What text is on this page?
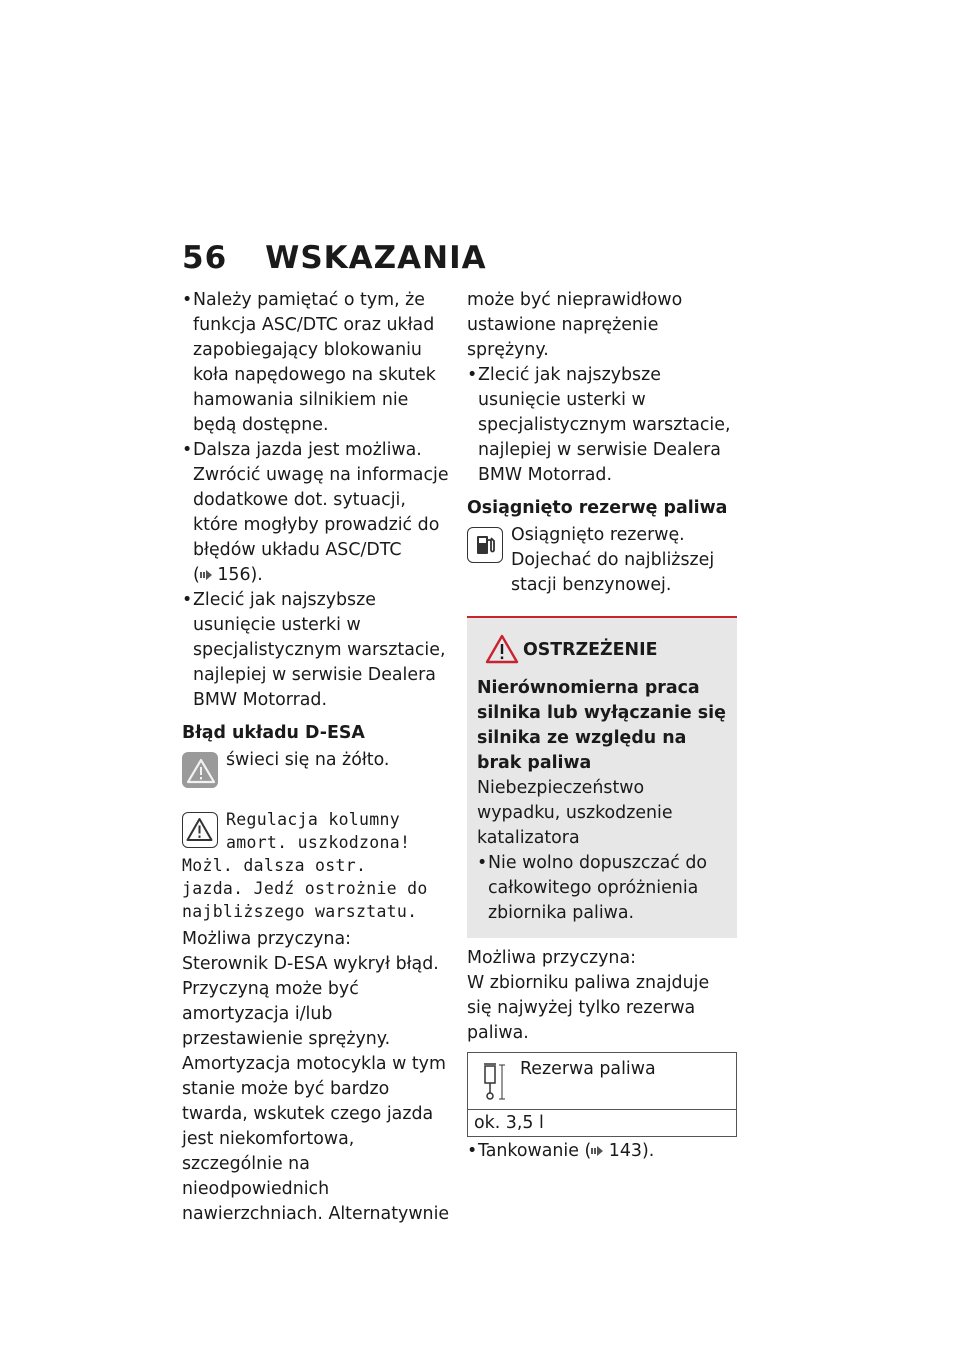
56 WSKAZANIA
• Należy pamiętać o tym, że funkcja ASC/DTC oraz układ zapobiegający blokowaniu koła napędowego na skutek hamowania silnikiem nie będą dostępne.
• Dalsza jazda jest możliwa. Zwrócić uwagę na informacje dodatkowe dot. sytuacji, które mogłyby prowadzić do błędów układu ASC/DTC ( 156).
• Zlecić jak najszybsze usunięcie usterki w specjalistycznym warsztacie, najlepiej w serwisie Dealera BMW Motorrad.
Błąd układu D-ESA
świeci się na żółto.
Regulacja kolumny
amort. uszkodzona!
Możl. dalsza ostr.
jazda. Jedź ostrożnie do
najbliższego warsztatu.
Możliwa przyczyna:
Sterownik D-ESA wykrył błąd. Przyczyną może być amortyzacja i/lub przestawienie sprężyny. Amortyzacja motocykla w tym stanie może być bardzo twarda, wskutek czego jazda jest niekomfortowa, szczególnie na nieodpowiednich nawierzchniach. Alternatywnie
może być nieprawidłowo ustawione naprężenie sprężyny.
• Zlecić jak najszybsze usunięcie usterki w specjalistycznym warsztacie, najlepiej w serwisie Dealera BMW Motorrad.
Osiągnięto rezerwę paliwa
Osiągnięto rezerwę. Dojechać do najbliższej stacji benzynowej.
OSTRZEŻENIE
Nierównomierna praca silnika lub wyłączanie się silnika ze względu na brak paliwa
Niebezpieczeństwo wypadku, uszkodzenie katalizatora
• Nie wolno dopuszczać do całkowitego opróżnienia zbiornika paliwa.
Możliwa przyczyna:
W zbiorniku paliwa znajduje się najwyżej tylko rezerwa paliwa.
Rezerwa paliwa
ok. 3,5 l
• Tankowanie ( 143).
